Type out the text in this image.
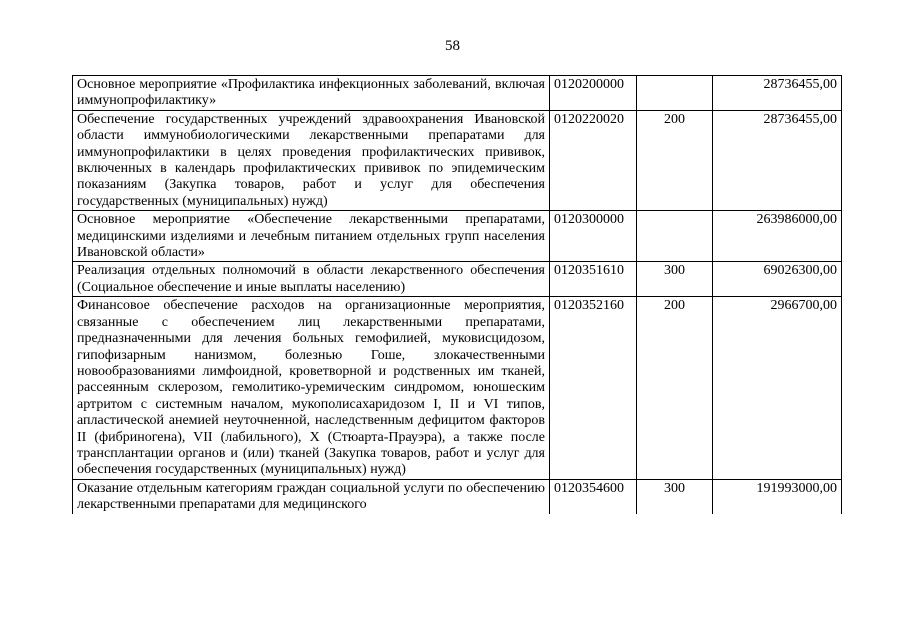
58
Основное мероприятие «Профилактика инфекционных заболеваний, включая иммунопрофилактику»	0120200000		28736455,00
Обеспечение государственных учреждений здравоохранения Ивановской области иммунобиологическими лекарственными препаратами для иммунопрофилактики в целях проведения профилактических прививок, включенных в календарь профилактических прививок по эпидемическим показаниям (Закупка товаров, работ и услуг для обеспечения государственных (муниципальных) нужд)	0120220020	200	28736455,00
Основное мероприятие «Обеспечение лекарственными препаратами, медицинскими изделиями и лечебным питанием отдельных групп населения Ивановской области»	0120300000		263986000,00
Реализация отдельных полномочий в области лекарственного обеспечения (Социальное обеспечение и иные выплаты населению)	0120351610	300	69026300,00
Финансовое обеспечение расходов на организационные мероприятия, связанные с обеспечением лиц лекарственными препаратами, предназначенными для лечения больных гемофилией, муковисцидозом, гипофизарным нанизмом, болезнью Гоше, злокачественными новообразованиями лимфоидной, кроветворной и родственных им тканей, рассеянным склерозом, гемолитико-уремическим синдромом, юношеским артритом с системным началом, мукополисахаридозом I, II и VI типов, апластической анемией неуточненной, наследственным дефицитом факторов II (фибриногена), VII (лабильного), X (Стюарта-Прауэра), а также после трансплантации органов и (или) тканей (Закупка товаров, работ и услуг для обеспечения государственных (муниципальных) нужд)	0120352160	200	2966700,00
Оказание отдельным категориям граждан социальной услуги по обеспечению лекарственными препаратами для медицинского	0120354600	300	191993000,00
